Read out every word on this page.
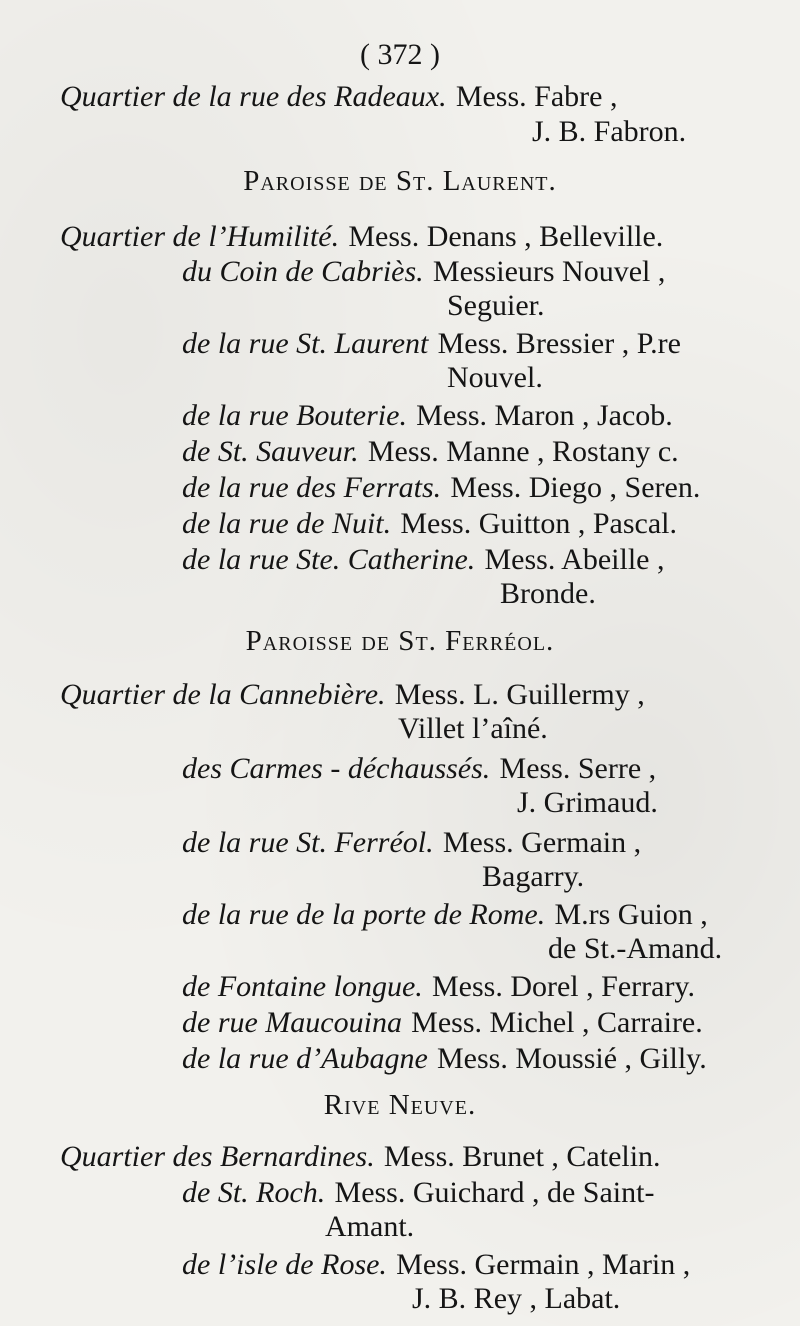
( 372 )
Quartier de la rue des Radeaux. Mess. Fabre ,
J. B. Fabron.
Paroisse de St. Laurent.
Quartier de l’Humilité. Mess. Denans , Belleville.
du Coin de Cabriès. Messieurs Nouvel ,
Seguier.
de la rue St. Laurent Mess. Bressier , P.re
Nouvel.
de la rue Bouterie. Mess. Maron , Jacob.
de St. Sauveur. Mess. Manne , Rostany c.
de la rue des Ferrats. Mess. Diego , Seren.
de la rue de Nuit. Mess. Guitton , Pascal.
de la rue Ste. Catherine. Mess. Abeille ,
Bronde.
Paroisse de St. Ferréol.
Quartier de la Cannebière. Mess. L. Guillermy ,
Villet l’aîné.
des Carmes - déchaussés. Mess. Serre ,
J. Grimaud.
de la rue St. Ferréol. Mess. Germain ,
Bagarry.
de la rue de la porte de Rome. M.rs Guion ,
de St.-Amand.
de Fontaine longue. Mess. Dorel , Ferrary.
de rue Maucouina Mess. Michel , Carraire.
de la rue d’Aubagne Mess. Moussié , Gilly.
Rive Neuve.
Quartier des Bernardines. Mess. Brunet , Catelin.
de St. Roch. Mess. Guichard , de Saint-
Amant.
de l’isle de Rose. Mess. Germain , Marin ,
J. B. Rey , Labat.
